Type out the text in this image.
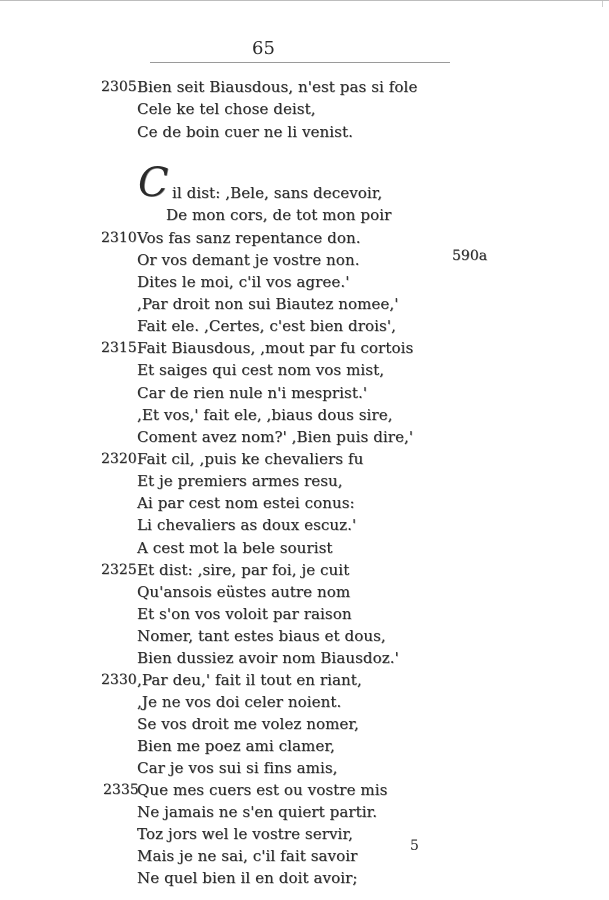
65
Bien seit Biausdous, n'est pas si fole
Cele ke tel chose deist,
Ce de boin cuer ne li venist.
il dist: ,Bele, sans decevoir,
De mon cors, de tot mon poir
Vos fas sanz repentance don.
Or vos demant je vostre non.
Dites le moi, c'il vos agree.'
,Par droit non sui Biautez nomee,'
Fait ele. ,Certes, c'est bien drois',
Fait Biausdous, ,mout par fu cortois
Et saiges qui cest nom vos mist,
Car de rien nule n'i mesprist.'
,Et vos,' fait ele, ,biaus dous sire,
Coment avez nom?' ,Bien puis dire,'
Fait cil, ,puis ke chevaliers fu
Et je premiers armes resu,
Ai par cest nom estei conus:
Li chevaliers as doux escuz.'
A cest mot la bele sourist
Et dist: ,sire, par foi, je cuit
Qu'ansois eüstes autre nom
Et s'on vos voloit par raison
Nomer, tant estes biaus et dous,
Bien dussiez avoir nom Biausdoz.'
,Par deu,' fait il tout en riant,
,Je ne vos doi celer noient.
Se vos droit me volez nomer,
Bien me poez ami clamer,
Car je vos sui si fins amis,
Que mes cuers est ou vostre mis
Ne jamais ne s'en quiert partir.
Toz jors wel le vostre servir,
Mais je ne sai, c'il fait savoir
Ne quel bien il en doit avoir;
2305
2310
2315
2320
2325
2330
2335
C
590a
5
